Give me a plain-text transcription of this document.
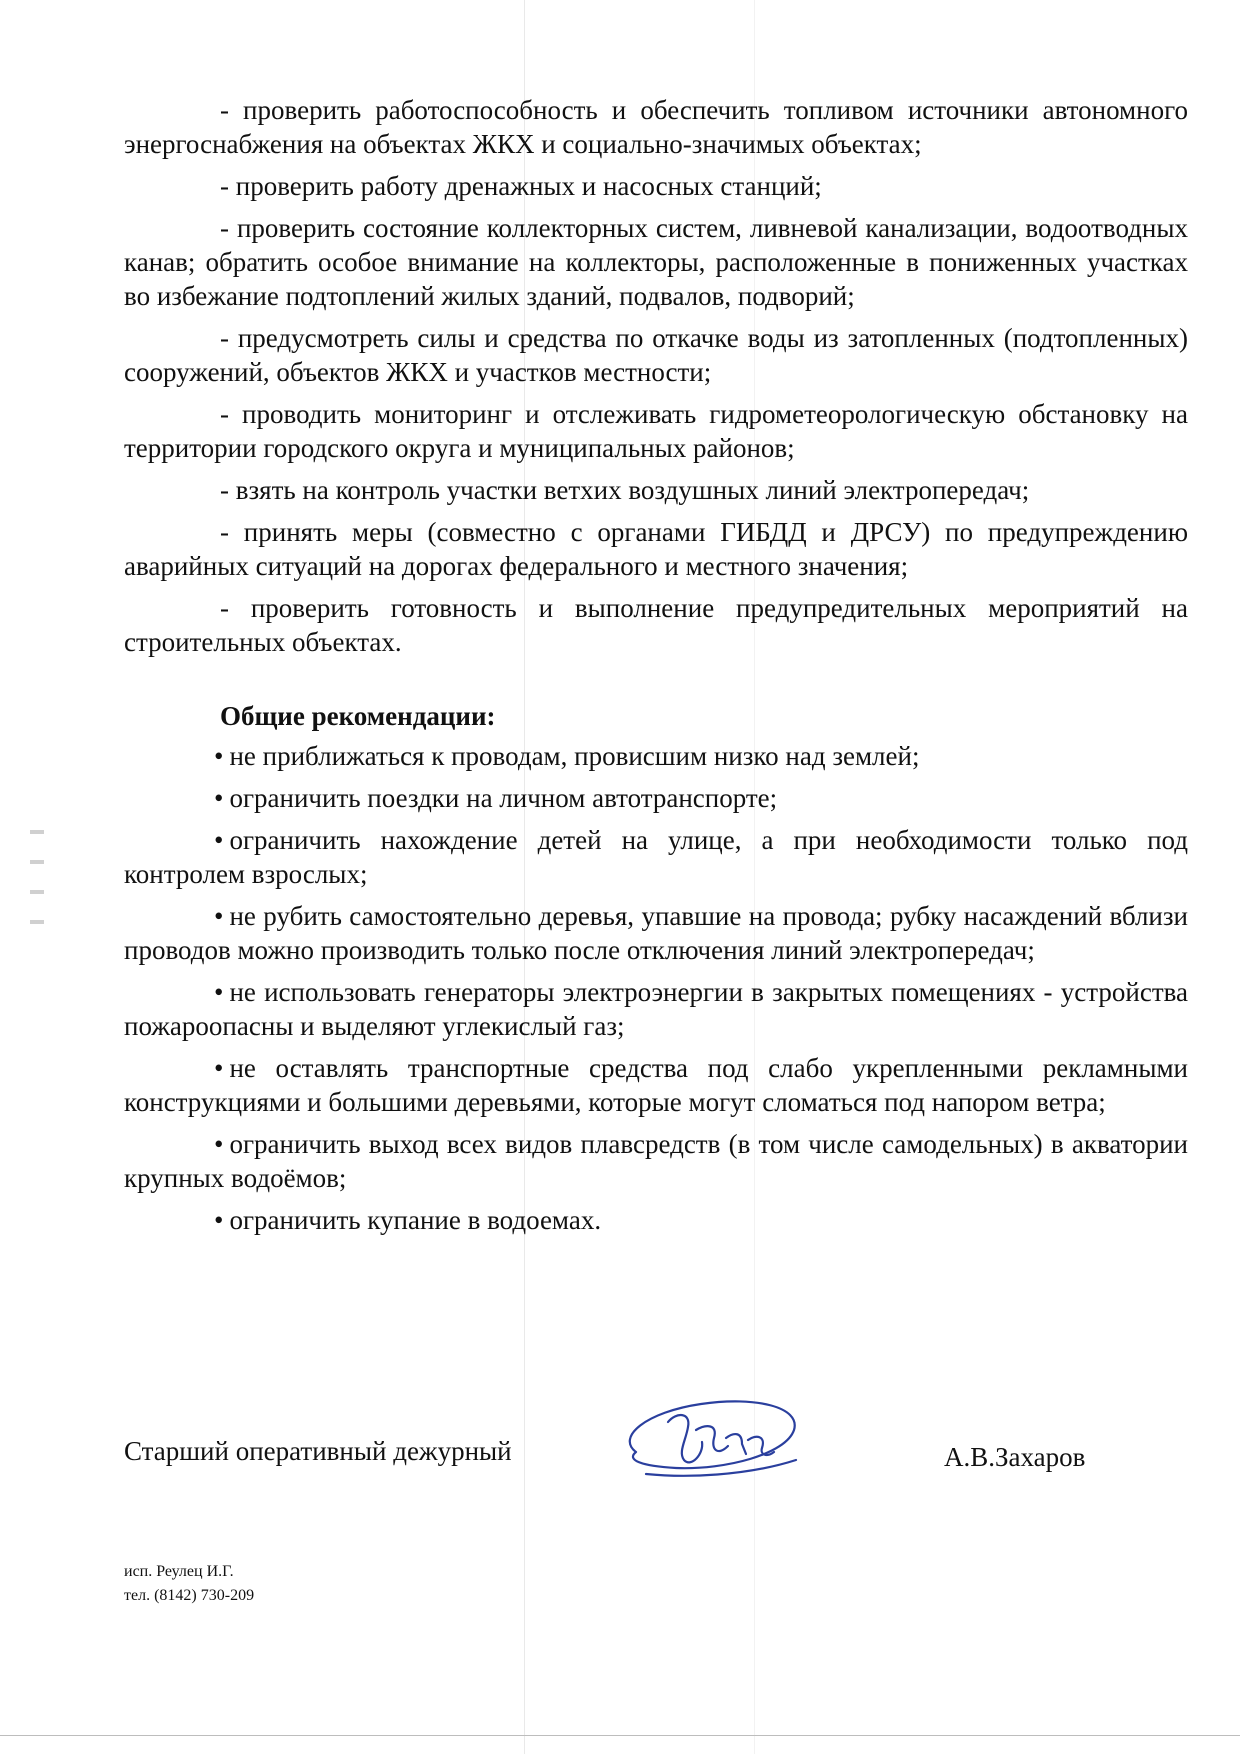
- проверить работоспособность и обеспечить топливом источники автономного энергоснабжения на объектах ЖКХ и социально-значимых объектах;

- проверить работу дренажных и насосных станций;

- проверить состояние коллекторных систем, ливневой канализации, водоотводных канав; обратить особое внимание на коллекторы, расположенные в пониженных участках во избежание подтоплений жилых зданий, подвалов, подворий;

- предусмотреть силы и средства по откачке воды из затопленных (подтопленных) сооружений, объектов ЖКХ и участков местности;

- проводить мониторинг и отслеживать гидрометеорологическую обстановку на территории городского округа и муниципальных районов;

- взять на контроль участки ветхих воздушных линий электропередач;

- принять меры (совместно с органами ГИБДД и ДРСУ) по предупреждению аварийных ситуаций на дорогах федерального и местного значения;

- проверить готовность и выполнение предупредительных мероприятий на строительных объектах.

Общие рекомендации:

• не приближаться к проводам, провисшим низко над землей;

• ограничить поездки на личном автотранспорте;

• ограничить нахождение детей на улице, а при необходимости только под контролем взрослых;

• не рубить самостоятельно деревья, упавшие на провода; рубку насаждений вблизи проводов можно производить только после отключения линий электропередач;

• не использовать генераторы электроэнергии в закрытых помещениях - устройства пожароопасны и выделяют углекислый газ;

• не оставлять транспортные средства под слабо укрепленными рекламными конструкциями и большими деревьями, которые могут сломаться под напором ветра;

• ограничить выход всех видов плавсредств (в том числе самодельных) в акватории крупных водоёмов;

• ограничить купание в водоемах.

Старший оперативный дежурный	А.В.Захаров
исп. Реулец И.Г.
тел. (8142) 730-209
